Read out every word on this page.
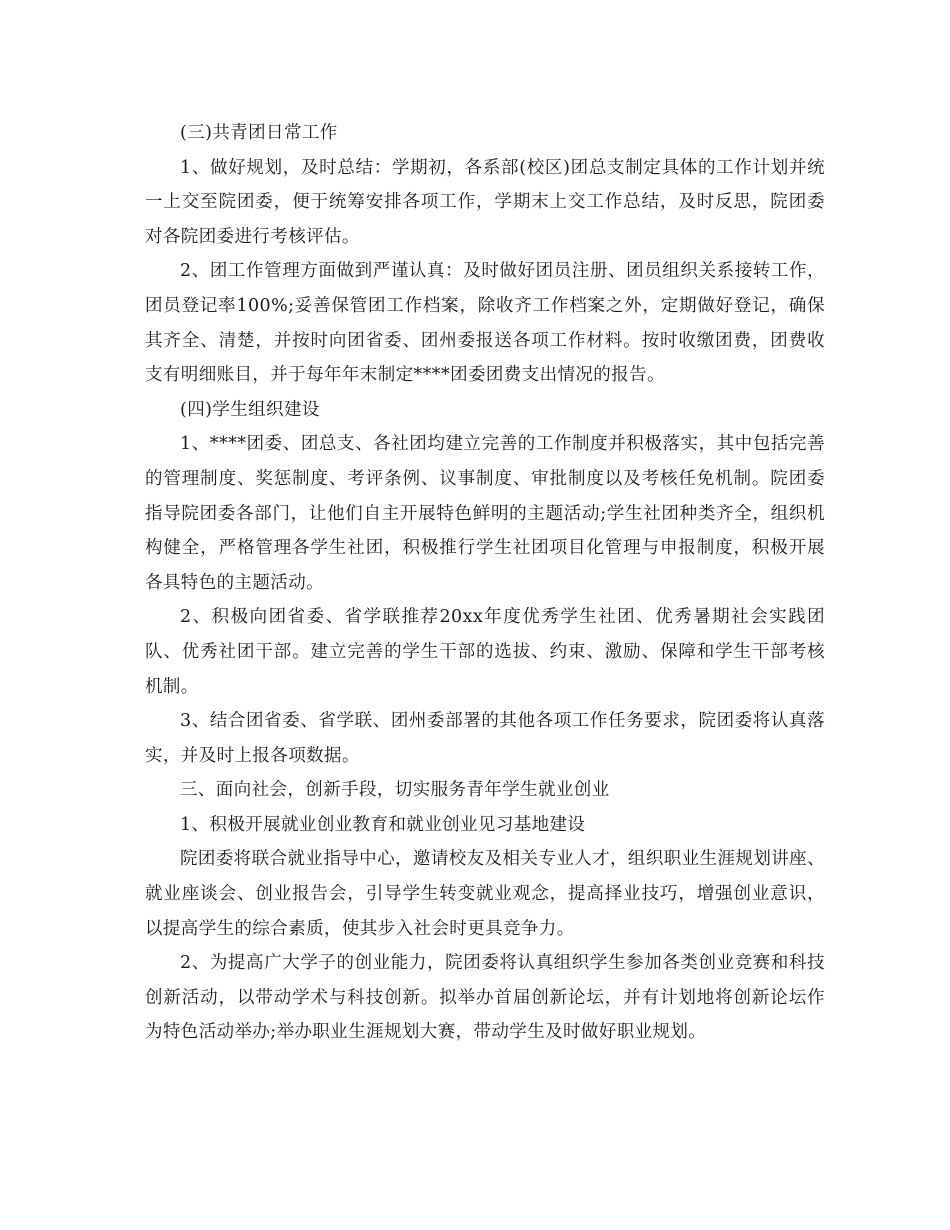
(三)共青团日常工作

1、做好规划，及时总结：学期初，各系部(校区)团总支制定具体的工作计划并统一上交至院团委，便于统筹安排各项工作，学期末上交工作总结，及时反思，院团委对各院团委进行考核评估。

2、团工作管理方面做到严谨认真：及时做好团员注册、团员组织关系接转工作，团员登记率100%;妥善保管团工作档案，除收齐工作档案之外，定期做好登记，确保其齐全、清楚，并按时向团省委、团州委报送各项工作材料。按时收缴团费，团费收支有明细账目，并于每年年末制定****团委团费支出情况的报告。

(四)学生组织建设

1、****团委、团总支、各社团均建立完善的工作制度并积极落实，其中包括完善的管理制度、奖惩制度、考评条例、议事制度、审批制度以及考核任免机制。院团委指导院团委各部门，让他们自主开展特色鲜明的主题活动;学生社团种类齐全，组织机构健全，严格管理各学生社团，积极推行学生社团项目化管理与申报制度，积极开展各具特色的主题活动。

2、积极向团省委、省学联推荐20xx年度优秀学生社团、优秀暑期社会实践团队、优秀社团干部。建立完善的学生干部的选拔、约束、激励、保障和学生干部考核机制。

3、结合团省委、省学联、团州委部署的其他各项工作任务要求，院团委将认真落实，并及时上报各项数据。

三、面向社会，创新手段，切实服务青年学生就业创业

1、积极开展就业创业教育和就业创业见习基地建设

院团委将联合就业指导中心，邀请校友及相关专业人才，组织职业生涯规划讲座、就业座谈会、创业报告会，引导学生转变就业观念，提高择业技巧，增强创业意识，以提高学生的综合素质，使其步入社会时更具竞争力。

2、为提高广大学子的创业能力，院团委将认真组织学生参加各类创业竞赛和科技创新活动，以带动学术与科技创新。拟举办首届创新论坛，并有计划地将创新论坛作为特色活动举办;举办职业生涯规划大赛，带动学生及时做好职业规划。
